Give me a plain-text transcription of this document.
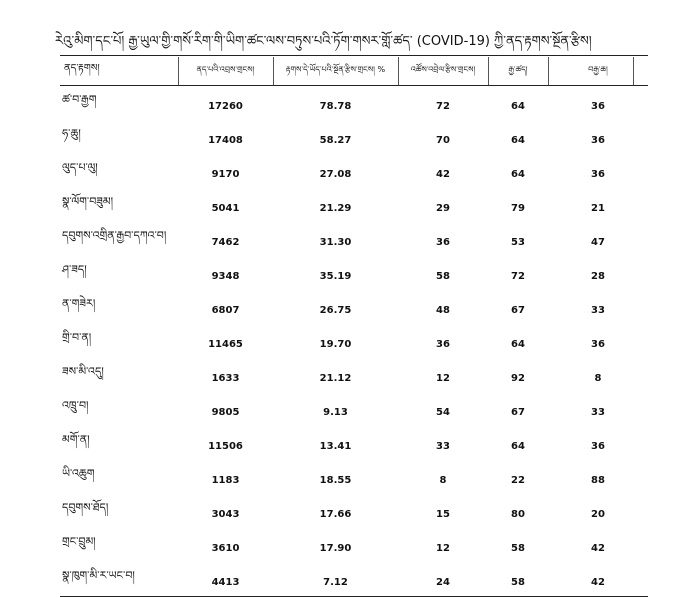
རེའུ་མིག་དང་པོ། རྒྱ་ཡུལ་གྱི་གསོ་རིག་གི་ཡིག་ཚང་ལས་བཏུས་པའི་ཏོག་གསར་གློ་ཚད་ (COVID-19) ཀྱི་ནད་རྟགས་སྔོན་རྩིས།
ནད་རྟགས།	ནད་པའི་འབྲས་གྲངས།	རྟགས་དེ་ཡོད་པའི་སྔོན་རྩིས་གྲངས། %	འཚོས་འབྲེལ་རྩིས་གྲངས།	རྒྱ་ཚད།	བརྒྱ་ཆ།
ཚ་བ་རྒྱག	17260	78.78	72	64	36
ཧ་ཆུ།	17408	58.27	70	64	36
ལུད་པ་ལུ།	9170	27.08	42	64	36
སྣ་ལོག་བཟུམ།	5041	21.29	29	79	21
དབུགས་འགྲིན་རྒྱབ་དཀའ་བ།	7462	31.30	36	53	47
ཤ་ཟད།	9348	35.19	58	72	28
ན་གཟེར།	6807	26.75	48	67	33
གྲི་བ་ན།	11465	19.70	36	64	36
ཟས་མི་འདུ།	1633	21.12	12	92	8
འཁྲུ་བ།	9805	9.13	54	67	33
མགོ་ན།	11506	13.41	33	64	36
ཡི་འཆུག	1183	18.55	8	22	88
དབུགས་ཐོད།	3043	17.66	15	80	20
གྲང་བྲུམ།	3610	17.90	12	58	42
སྣ་ཁུག་མི་ར་ཡང་བ།	4413	7.12	24	58	42
